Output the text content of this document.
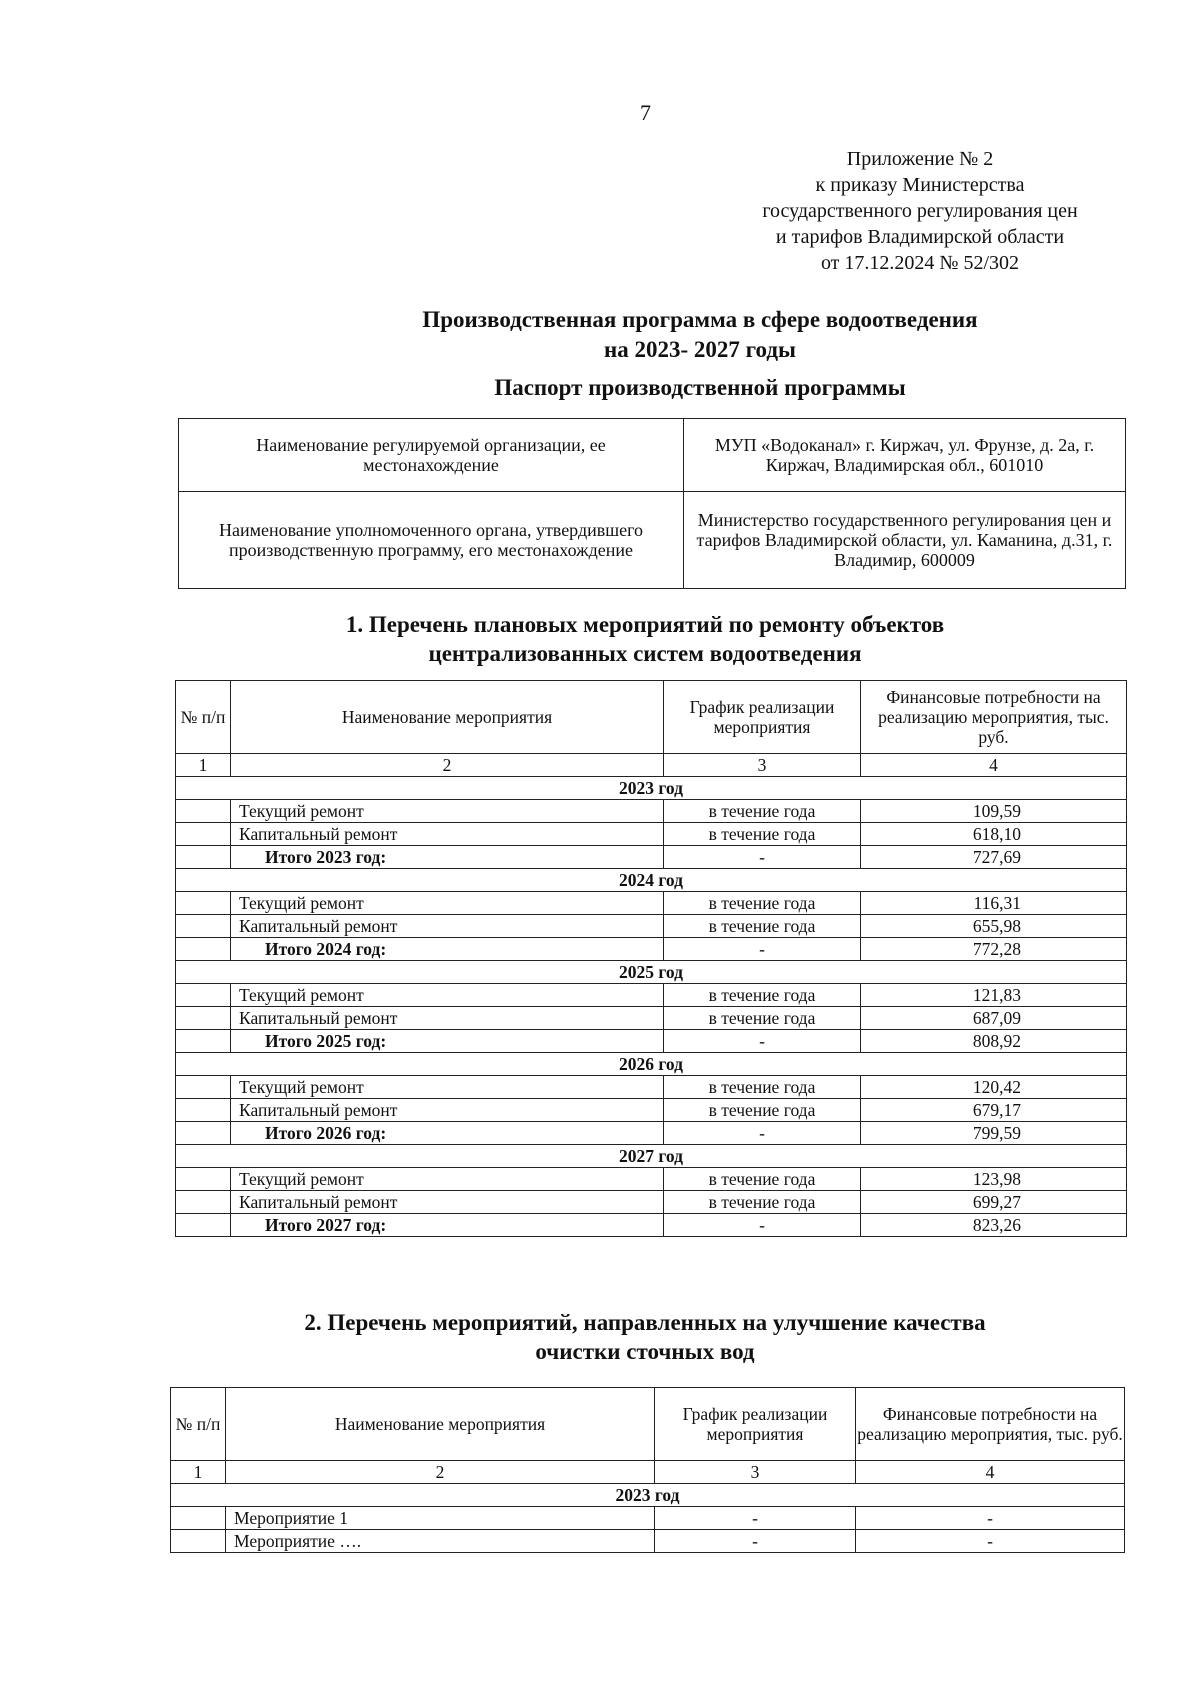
7
Приложение № 2
к приказу Министерства
государственного регулирования цен
и тарифов Владимирской области
от 17.12.2024 № 52/302
Производственная программа в сфере водоотведения
на 2023- 2027 годы
Паспорт производственной программы
Наименование регулируемой организации, ее местонахождение	МУП «Водоканал» г. Киржач, ул. Фрунзе, д. 2а, г. Киржач, Владимирская обл., 601010
Наименование уполномоченного органа, утвердившего производственную программу, его местонахождение	Министерство государственного регулирования цен и тарифов Владимирской области, ул. Каманина, д.31, г. Владимир, 600009
1. Перечень плановых мероприятий по ремонту объектов
централизованных систем водоотведения
№ п/п	Наименование мероприятия	График реализации мероприятия	Финансовые потребности на реализацию мероприятия, тыс. руб.
1	2	3	4
2023 год			
	Текущий ремонт	в течение года	109,59
	Капитальный ремонт	в течение года	618,10
	Итого 2023 год:	-	727,69
2024 год			
	Текущий ремонт	в течение года	116,31
	Капитальный ремонт	в течение года	655,98
	Итого 2024 год:	-	772,28
2025 год			
	Текущий ремонт	в течение года	121,83
	Капитальный ремонт	в течение года	687,09
	Итого 2025 год:	-	808,92
2026 год			
	Текущий ремонт	в течение года	120,42
	Капитальный ремонт	в течение года	679,17
	Итого 2026 год:	-	799,59
2027 год			
	Текущий ремонт	в течение года	123,98
	Капитальный ремонт	в течение года	699,27
	Итого 2027 год:	-	823,26
2. Перечень мероприятий, направленных на улучшение качества
очистки сточных вод
№ п/п	Наименование мероприятия	График реализации мероприятия	Финансовые потребности на реализацию мероприятия, тыс. руб.
1	2	3	4
2023 год			
	Мероприятие 1	-	-
	Мероприятие ….	-	-
